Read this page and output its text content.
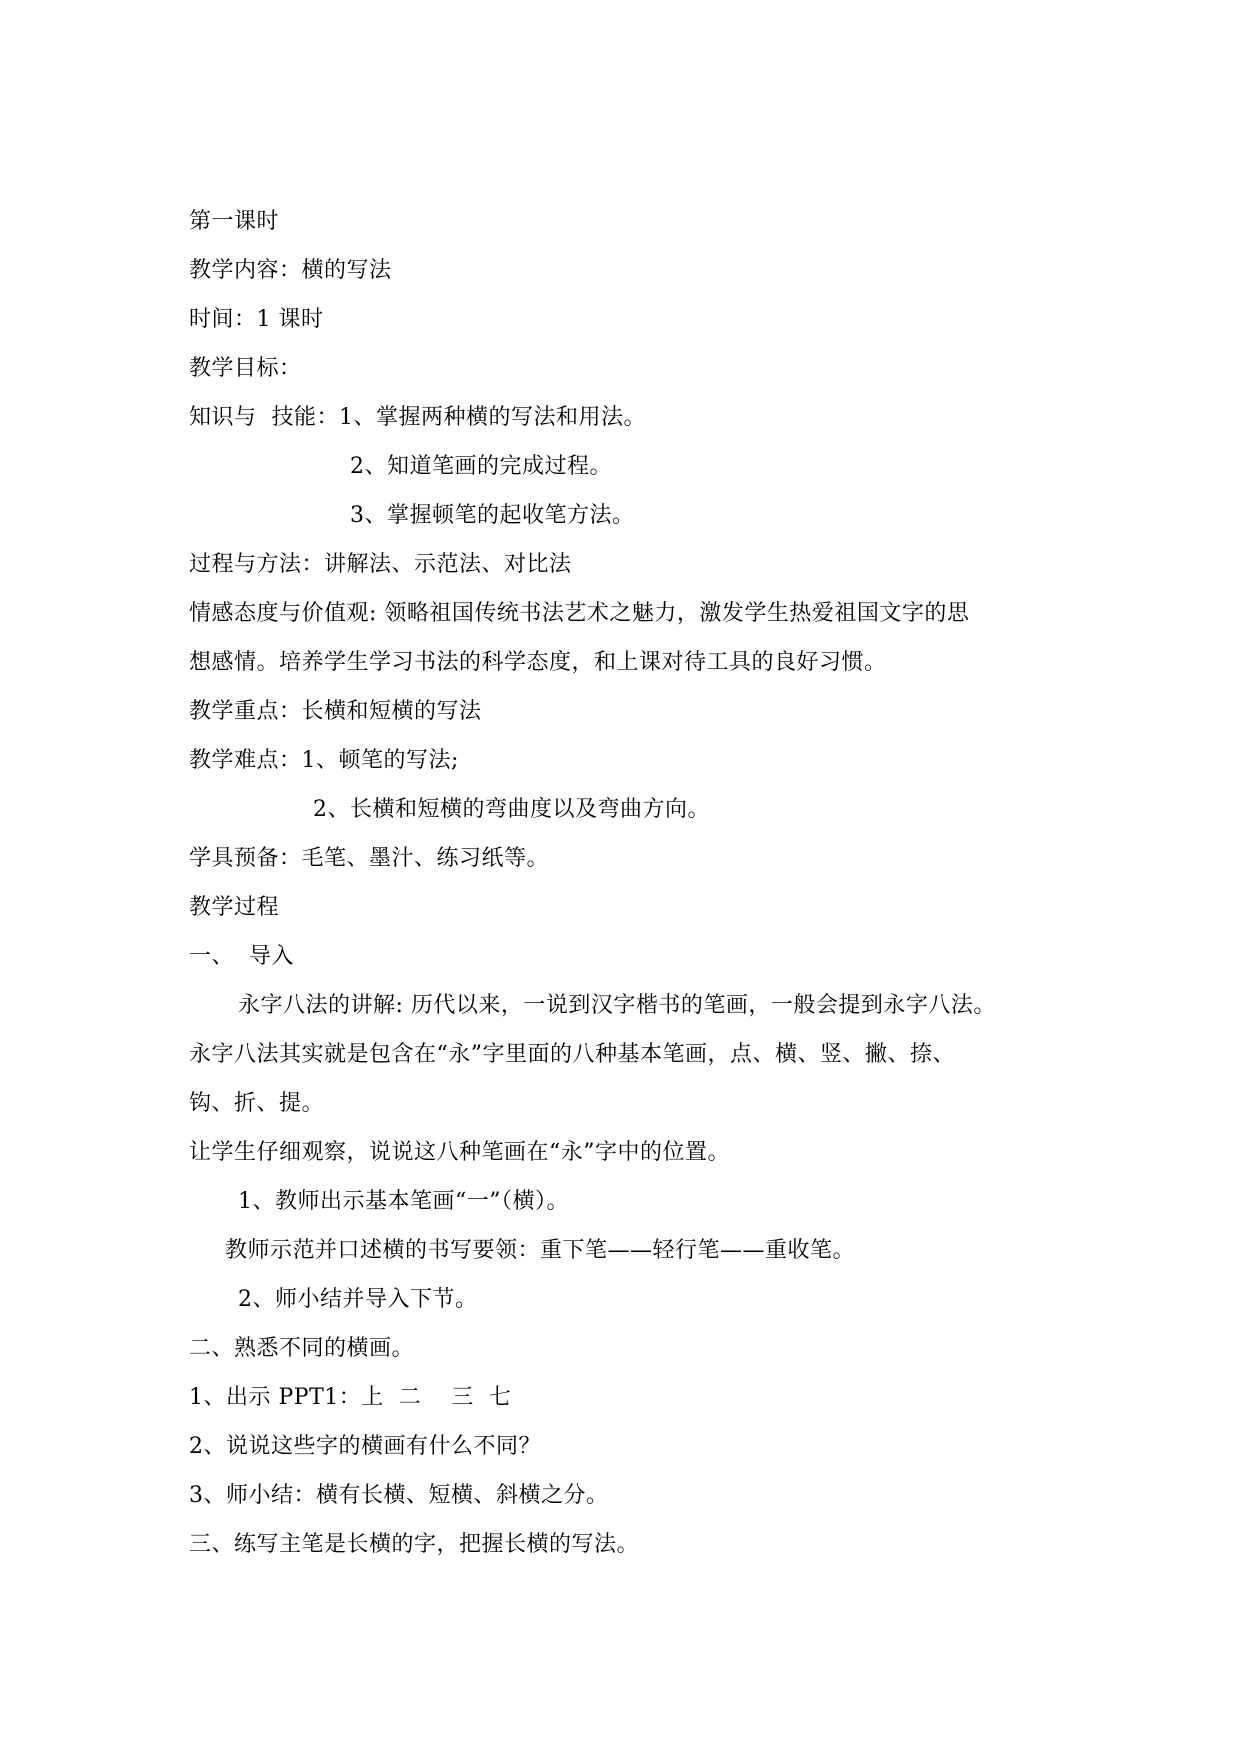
第一课时
教学内容：横的写法
时间：1 课时
教学目标：
知识与  技能：1、掌握两种横的写法和用法。
2、知道笔画的完成过程。
3、掌握顿笔的起收笔方法。
过程与方法：讲解法、示范法、对比法
情感态度与价值观: 领略祖国传统书法艺术之魅力，激发学生热爱祖国文字的思
想感情。培养学生学习书法的科学态度，和上课对待工具的良好习惯。
教学重点：长横和短横的写法
教学难点：1、顿笔的写法;
2、长横和短横的弯曲度以及弯曲方向。
学具预备：毛笔、墨汁、练习纸等。
教学过程
一、  导入
永字八法的讲解: 历代以来，一说到汉字楷书的笔画，一般会提到永字八法。
永字八法其实就是包含在“永”字里面的八种基本笔画，点、横、竖、撇、捺、
钩、折、提。
让学生仔细观察，说说这八种笔画在“永”字中的位置。
1、教师出示基本笔画“一”（横）。
教师示范并口述横的书写要领：重下笔——轻行笔——重收笔。
2、师小结并导入下节。
二、熟悉不同的横画。
1、出示 PPT1：上  二    三  七
2、说说这些字的横画有什么不同？
3、师小结：横有长横、短横、斜横之分。
三、练写主笔是长横的字，把握长横的写法。
